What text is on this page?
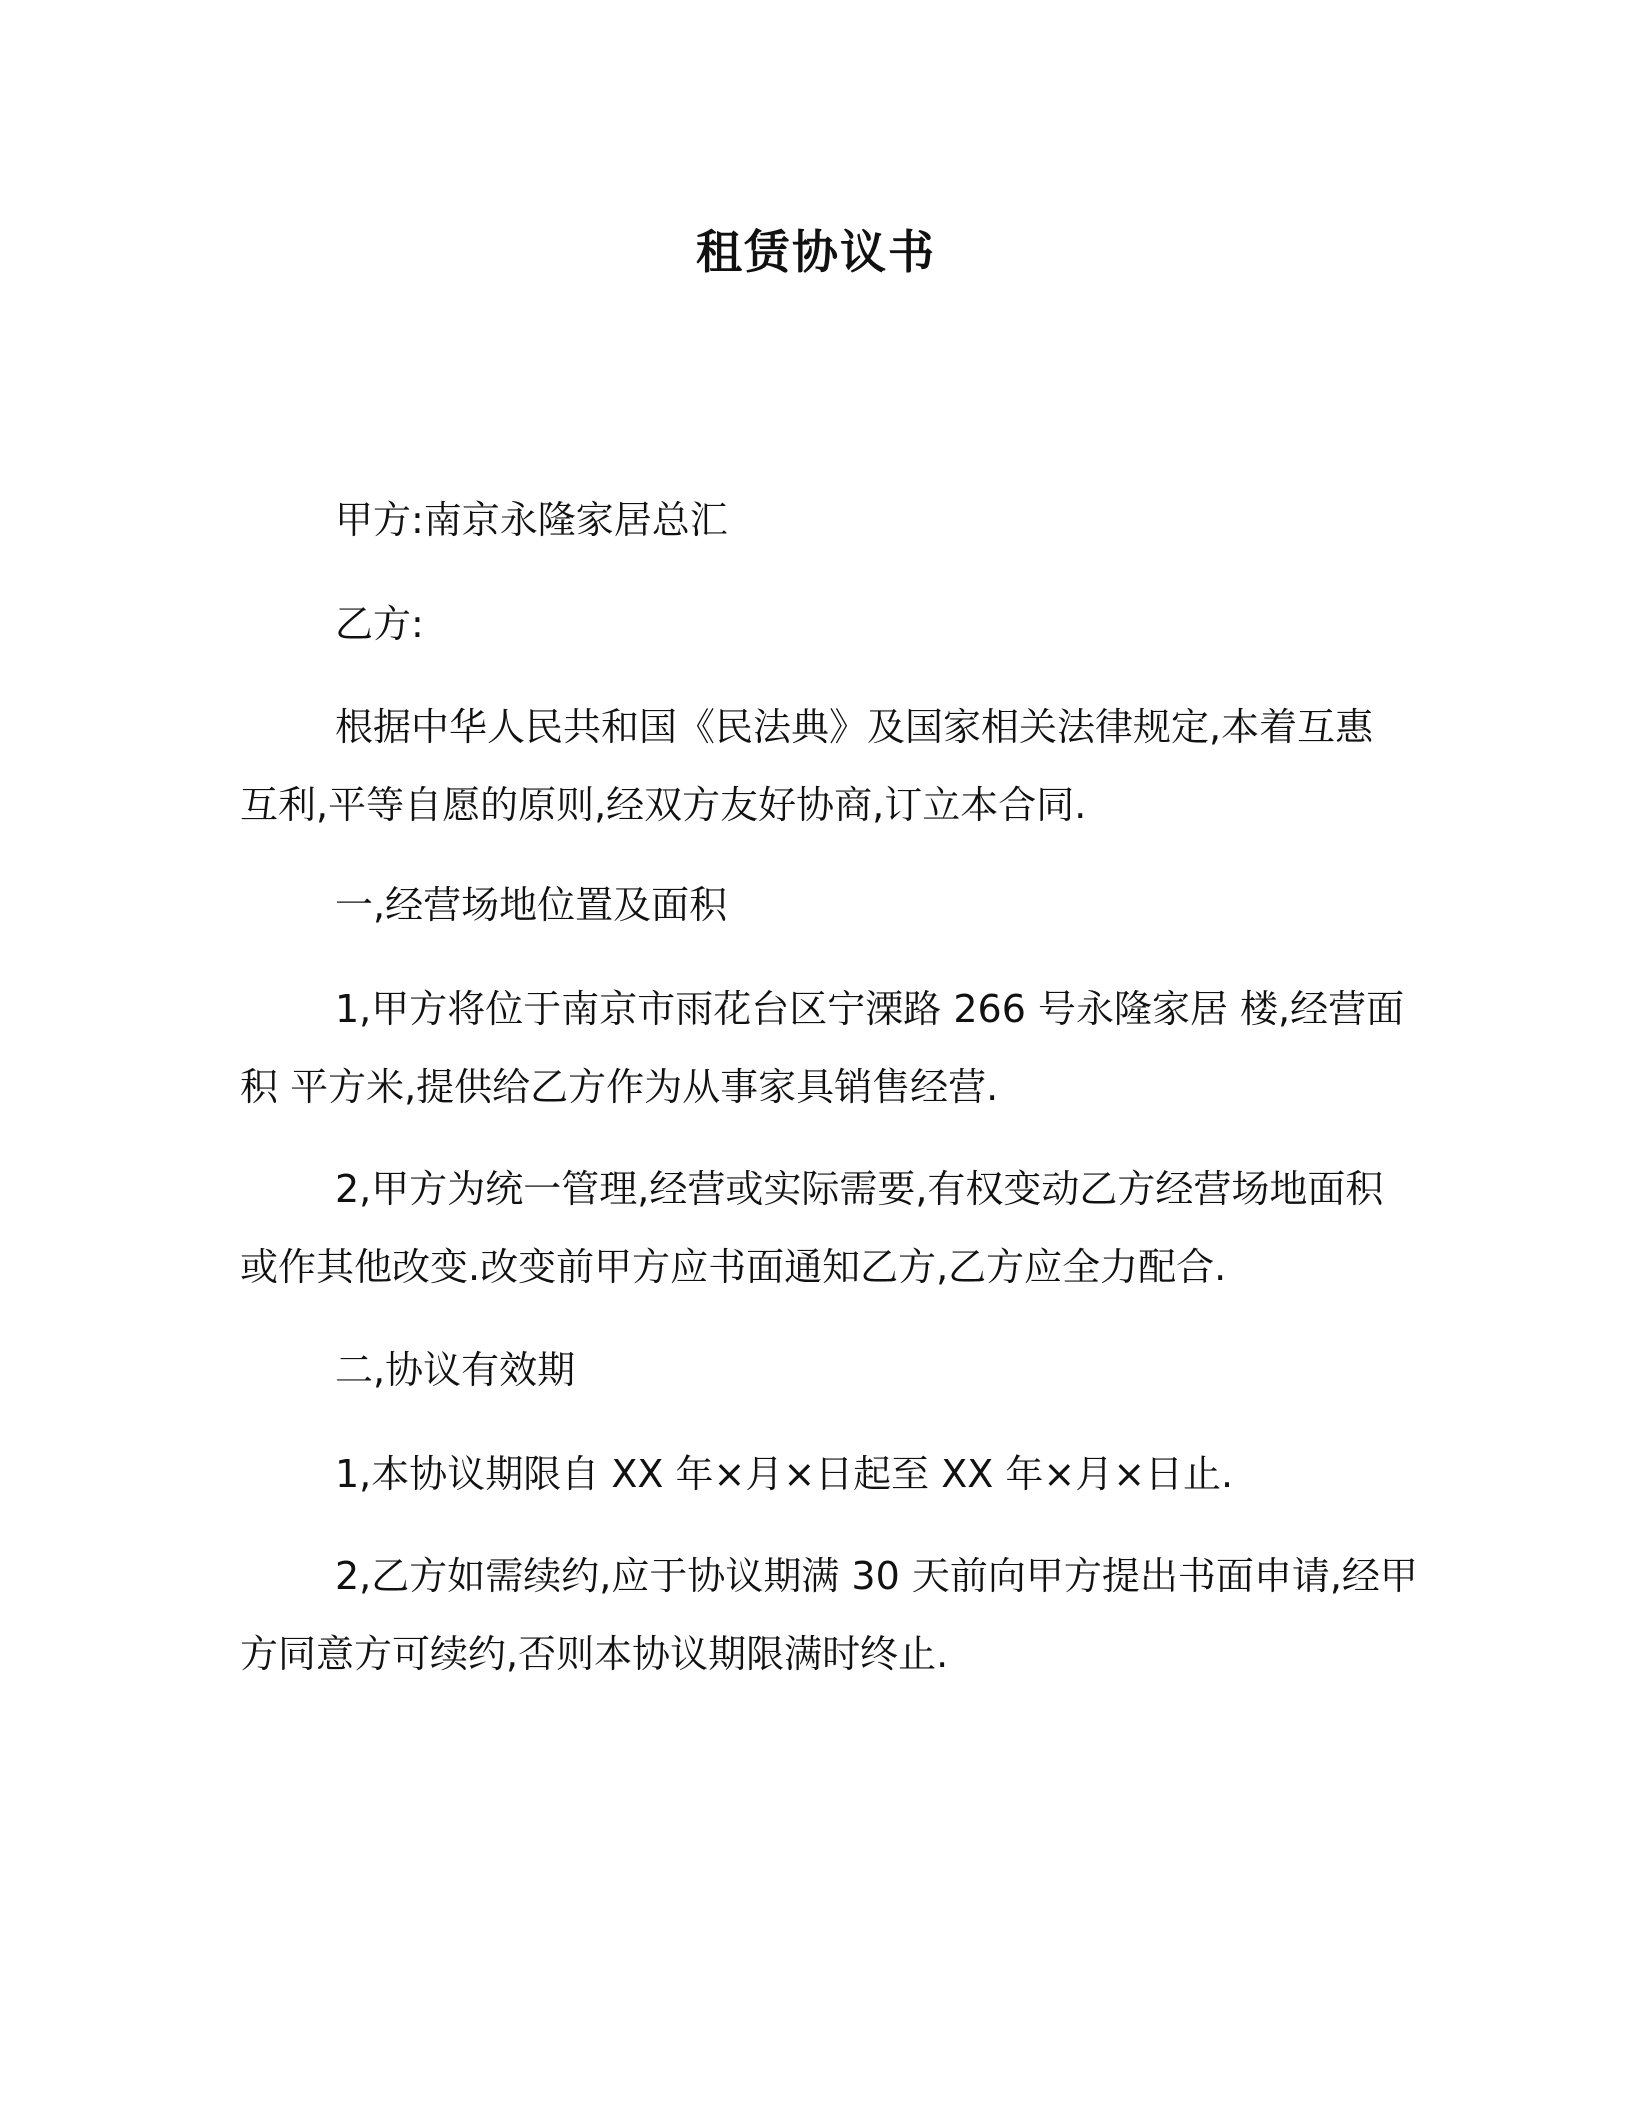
租赁协议书
甲方:南京永隆家居总汇
乙方:
根据中华人民共和国《民法典》及国家相关法律规定,本着互惠
互利,平等自愿的原则,经双方友好协商,订立本合同.
一,经营场地位置及面积
1,甲方将位于南京市雨花台区宁溧路 266 号永隆家居 楼,经营面
积 平方米,提供给乙方作为从事家具销售经营.
2,甲方为统一管理,经营或实际需要,有权变动乙方经营场地面积
或作其他改变.改变前甲方应书面通知乙方,乙方应全力配合.
二,协议有效期
1,本协议期限自 XX 年×月×日起至 XX 年×月×日止.
2,乙方如需续约,应于协议期满 30 天前向甲方提出书面申请,经甲
方同意方可续约,否则本协议期限满时终止.
